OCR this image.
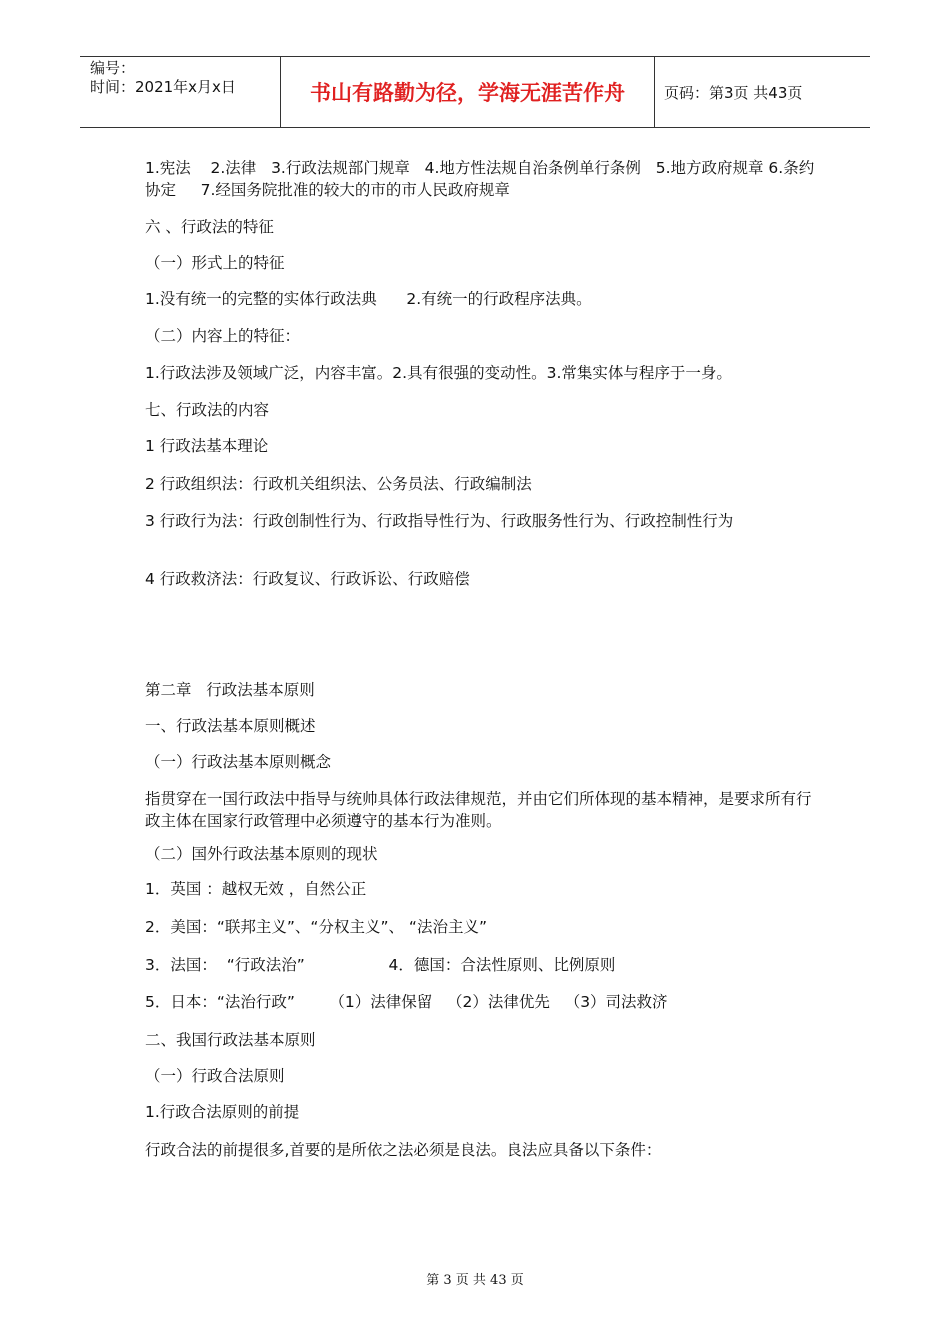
编号：
时间：2021年x月x日	书山有路勤为径，学海无涯苦作舟	页码：第3页 共43页
1.宪法    2.法律   3.行政法规部门规章   4.地方性法规自治条例单行条例   5.地方政府规章 6.条约协定     7.经国务院批准的较大的市的市人民政府规章
六 、行政法的特征
（一）形式上的特征
1.没有统一的完整的实体行政法典      2.有统一的行政程序法典。
（二）内容上的特征：
1.行政法涉及领域广泛，内容丰富。2.具有很强的变动性。3.常集实体与程序于一身。
七、行政法的内容
1 行政法基本理论
2 行政组织法：行政机关组织法、公务员法、行政编制法
3 行政行为法：行政创制性行为、行政指导性行为、行政服务性行为、行政控制性行为
4 行政救济法：行政复议、行政诉讼、行政赔偿
第二章   行政法基本原则
一、行政法基本原则概述
（一）行政法基本原则概念
指贯穿在一国行政法中指导与统帅具体行政法律规范，并由它们所体现的基本精神，是要求所有行政主体在国家行政管理中必须遵守的基本行为准则。
（二）国外行政法基本原则的现状
1．英国 ：越权无效 ，自然公正
2．美国：“联邦主义”、“分权主义”、 “法治主义”
3．法国：  “行政法治”                 4．德国：合法性原则、比例原则
5．日本：“法治行政”       （1）法律保留   （2）法律优先   （3）司法救济
二、我国行政法基本原则
（一）行政合法原则
1.行政合法原则的前提
行政合法的前提很多,首要的是所依之法必须是良法。良法应具备以下条件：
第 3 页 共 43 页
